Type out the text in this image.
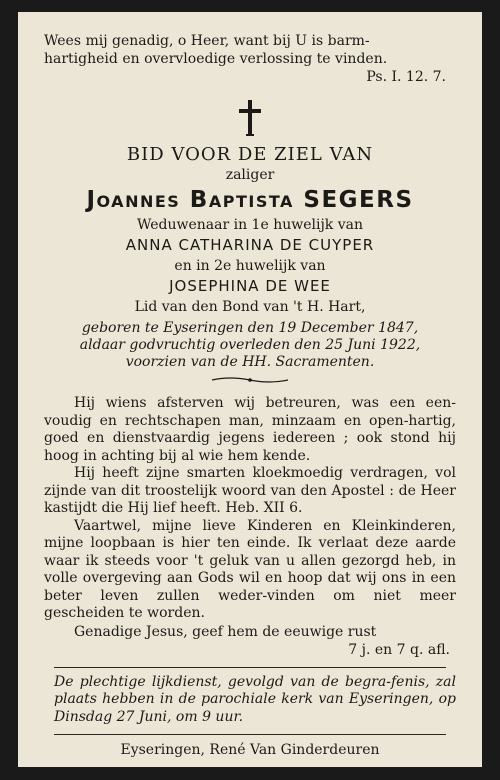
Wees mij genadig, o Heer, want bij U is barm-

hartigheid en overvloedige verlossing te vinden.

Ps. I. 12. 7.

BID VOOR DE ZIEL VAN

zaliger

Joannes Baptista SEGERS

Weduwenaar in 1e huwelijk van

ANNA CATHARINA DE CUYPER

en in 2e huwelijk van

JOSEPHINA DE WEE

Lid van den Bond van 't H. Hart,

geboren te Eyseringen den 19 December 1847,

aldaar godvruchtig overleden den 25 Juni 1922,

voorzien van de HH. Sacramenten.

Hij wiens afsterven wij betreuren, was een een-voudig en rechtschapen man, minzaam en open-hartig, goed en dienstvaardig jegens iedereen ; ook stond hij hoog in achting bij al wie hem kende.

Hij heeft zijne smarten kloekmoedig verdragen, vol zijnde van dit troostelijk woord van den Apostel : de Heer kastijdt die Hij lief heeft. Heb. XII 6.

Vaartwel, mijne lieve Kinderen en Kleinkinderen, mijne loopbaan is hier ten einde. Ik verlaat deze aarde waar ik steeds voor 't geluk van u allen gezorgd heb, in volle overgeving aan Gods wil en hoop dat wij ons in een beter leven zullen weder-vinden om niet meer gescheiden te worden.

Genadige Jesus, geef hem de eeuwige rust

7 j. en 7 q. afl.

De plechtige lijkdienst, gevolgd van de begra-fenis, zal plaats hebben in de parochiale kerk van Eyseringen, op Dinsdag 27 Juni, om 9 uur.

Eyseringen, René Van Ginderdeuren
